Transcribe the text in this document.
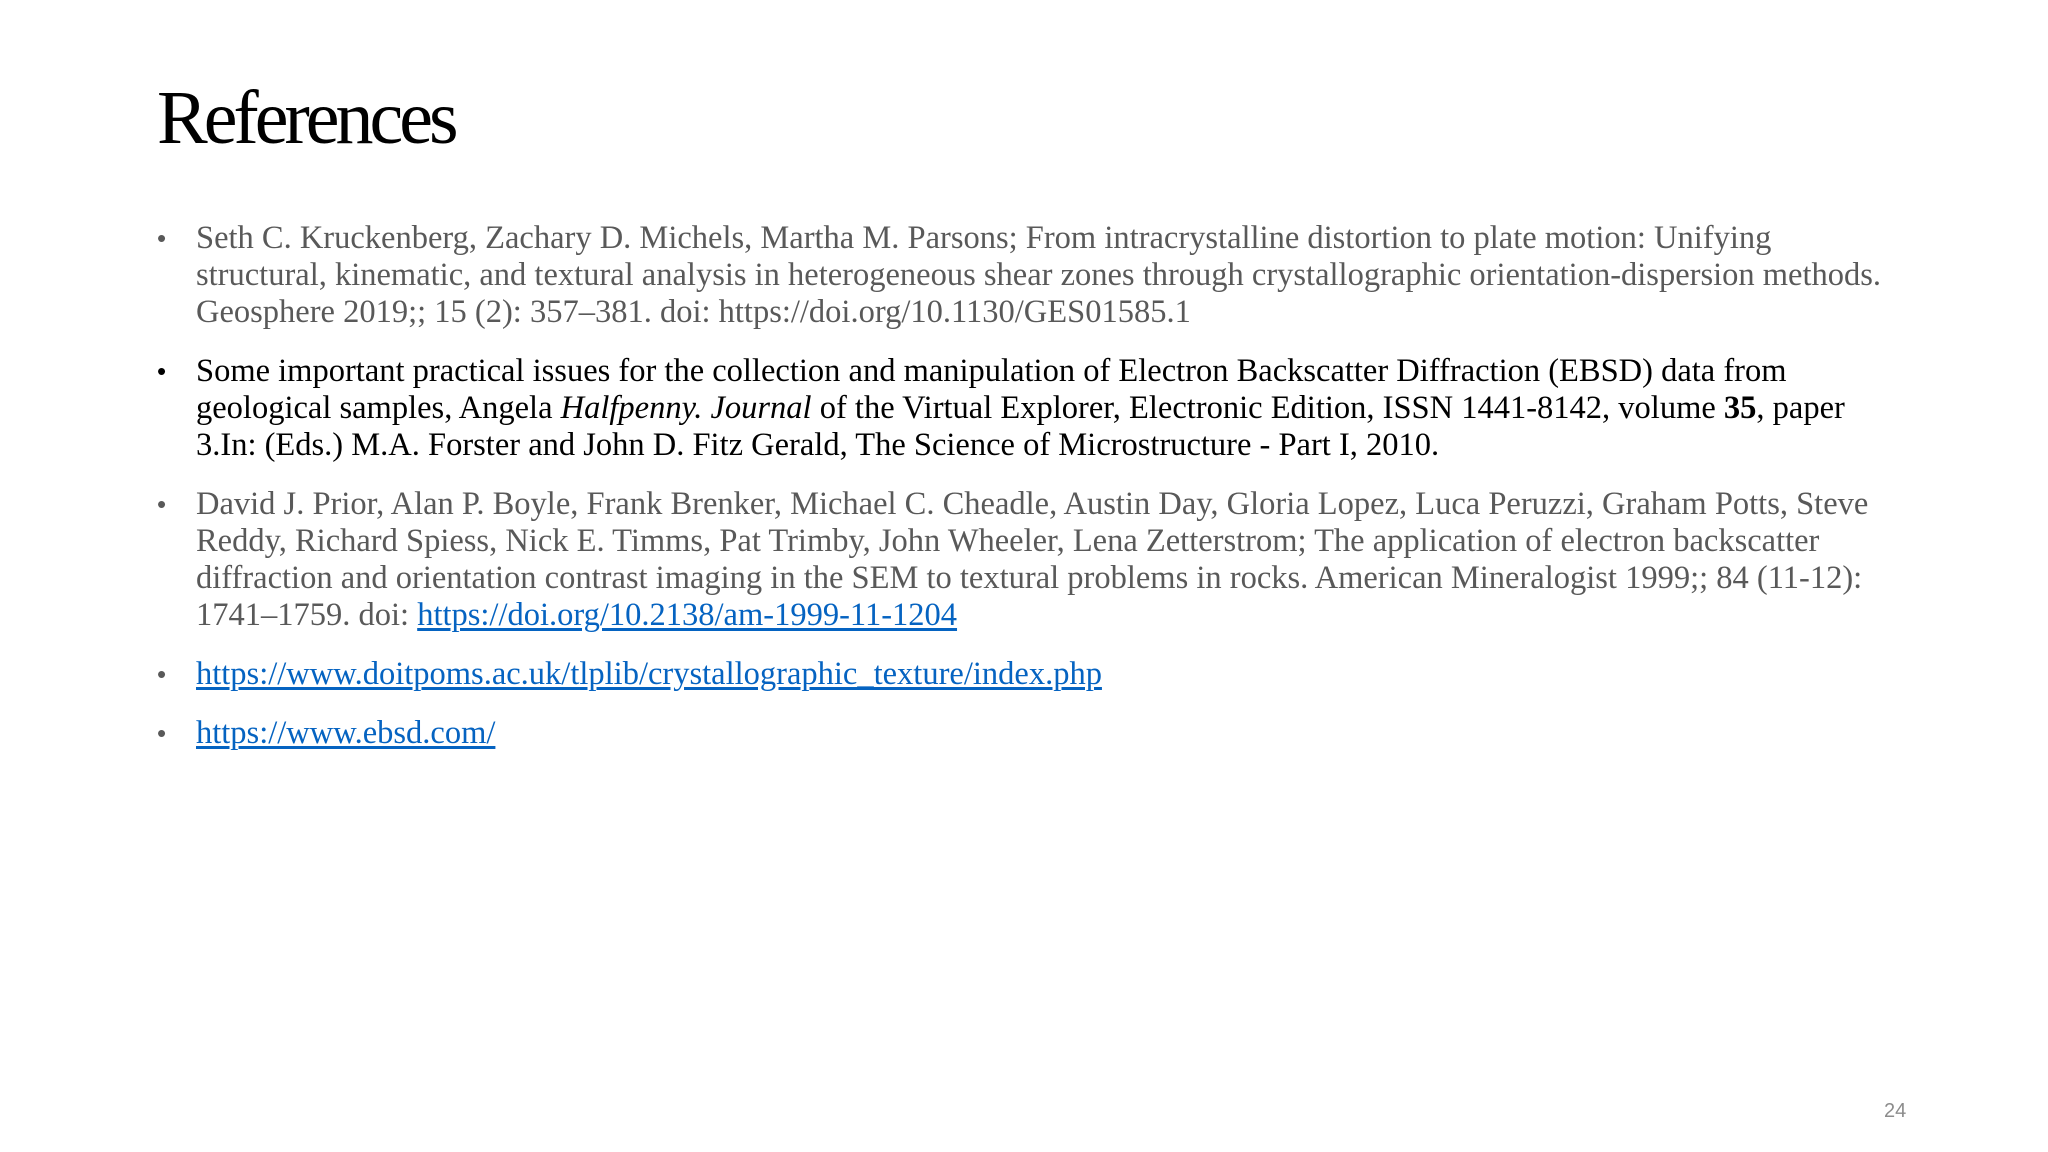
References
• Seth C. Kruckenberg, Zachary D. Michels, Martha M. Parsons; From intracrystalline distortion to plate motion: Unifying structural, kinematic, and textural analysis in heterogeneous shear zones through crystallographic orientation-dispersion methods. Geosphere 2019;; 15 (2): 357–381. doi: https://doi.org/10.1130/GES01585.1
• Some important practical issues for the collection and manipulation of Electron Backscatter Diffraction (EBSD) data from geological samples, Angela Halfpenny. Journal of the Virtual Explorer, Electronic Edition, ISSN 1441-8142, volume 35, paper 3.In: (Eds.) M.A. Forster and John D. Fitz Gerald, The Science of Microstructure - Part I, 2010.
• David J. Prior, Alan P. Boyle, Frank Brenker, Michael C. Cheadle, Austin Day, Gloria Lopez, Luca Peruzzi, Graham Potts, Steve Reddy, Richard Spiess, Nick E. Timms, Pat Trimby, John Wheeler, Lena Zetterstrom; The application of electron backscatter diffraction and orientation contrast imaging in the SEM to textural problems in rocks. American Mineralogist 1999;; 84 (11-12): 1741–1759. doi: https://doi.org/10.2138/am-1999-11-1204
• https://www.doitpoms.ac.uk/tlplib/crystallographic_texture/index.php
• https://www.ebsd.com/
24
